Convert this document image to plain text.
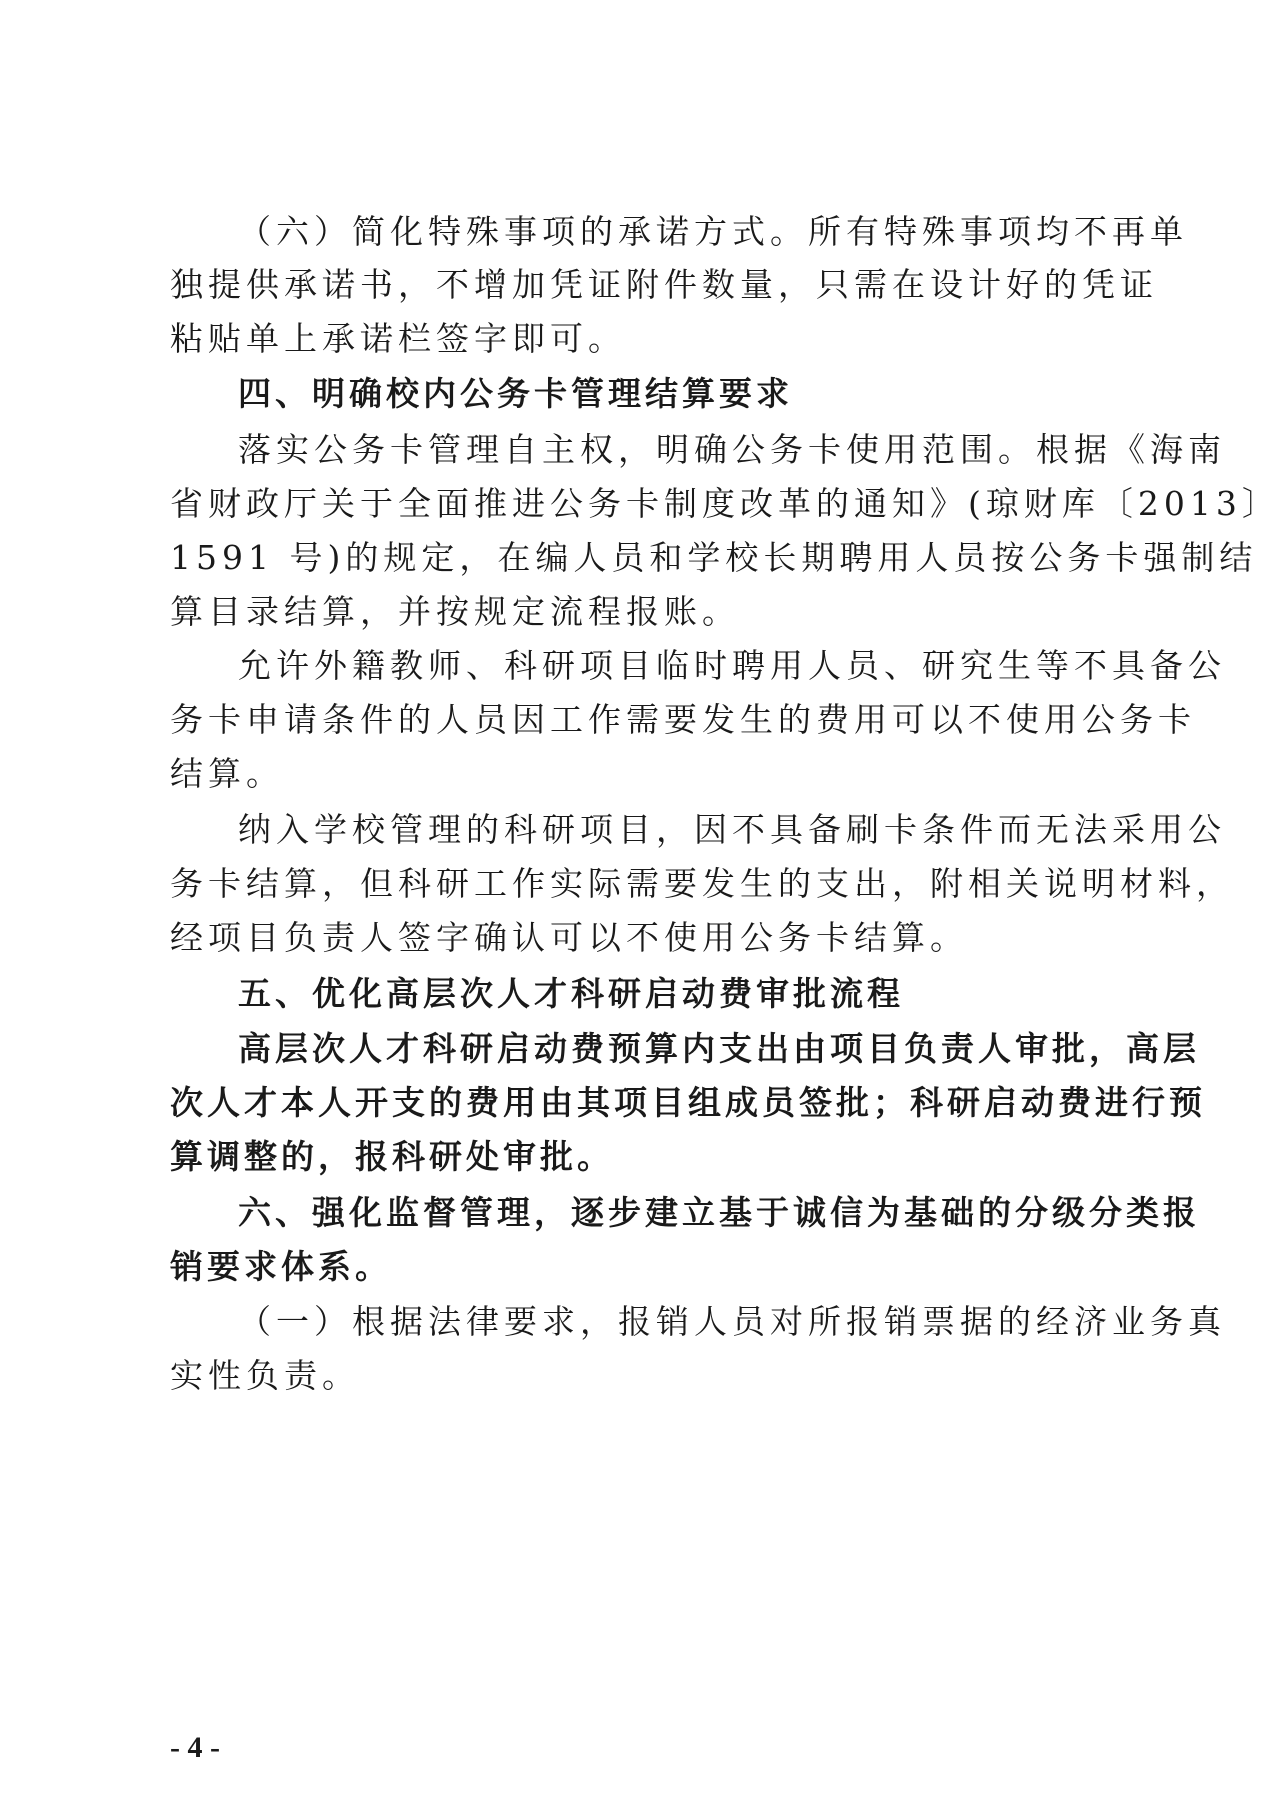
（六）简化特殊事项的承诺方式。所有特殊事项均不再单
独提供承诺书，不增加凭证附件数量，只需在设计好的凭证
粘贴单上承诺栏签字即可。
四、明确校内公务卡管理结算要求
落实公务卡管理自主权，明确公务卡使用范围。根据《海南
省财政厅关于全面推进公务卡制度改革的通知》(琼财库〔2013〕
1591 号)的规定，在编人员和学校长期聘用人员按公务卡强制结
算目录结算，并按规定流程报账。
允许外籍教师、科研项目临时聘用人员、研究生等不具备公
务卡申请条件的人员因工作需要发生的费用可以不使用公务卡
结算。
纳入学校管理的科研项目，因不具备刷卡条件而无法采用公
务卡结算，但科研工作实际需要发生的支出，附相关说明材料，
经项目负责人签字确认可以不使用公务卡结算。
五、优化高层次人才科研启动费审批流程
高层次人才科研启动费预算内支出由项目负责人审批，高层
次人才本人开支的费用由其项目组成员签批；科研启动费进行预
算调整的，报科研处审批。
六、强化监督管理，逐步建立基于诚信为基础的分级分类报
销要求体系。
（一）根据法律要求，报销人员对所报销票据的经济业务真
实性负责。
- 4 -
